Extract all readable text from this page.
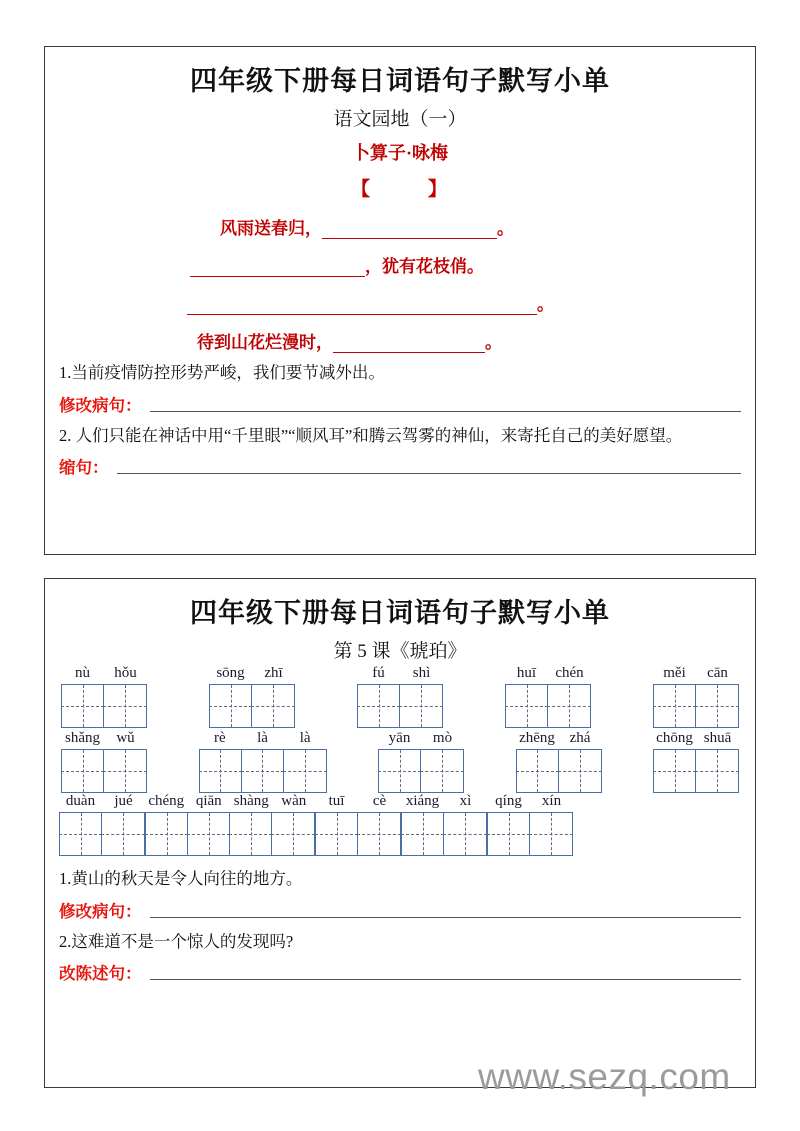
四年级下册每日词语句子默写小单
语文园地（一）
卜算子·咏梅
【	】
风雨送春归，	。
，犹有花枝俏。
。
待到山花烂漫时，	。
1.当前疫情防控形势严峻，我们要节减外出。
修改病句：
2. 人们只能在神话中用“千里眼”“顺风耳”和腾云驾雾的神仙，来寄托自己的美好愿望。
缩句：
四年级下册每日词语句子默写小单
第 5 课《琥珀》
nù	hǒu	sōng	zhī	fú	shì	huī	chén	měi	cān
shǎng	wǔ	rè	là	là	yān	mò	zhēng zhá	chōng shuā
duàn	jué	chéng qiān shàng wàn	tuī	cè	xiáng	xì	qíng	xín
1.黄山的秋天是令人向往的地方。
修改病句：
2.这难道不是一个惊人的发现吗?
改陈述句：
www.sezq.com
